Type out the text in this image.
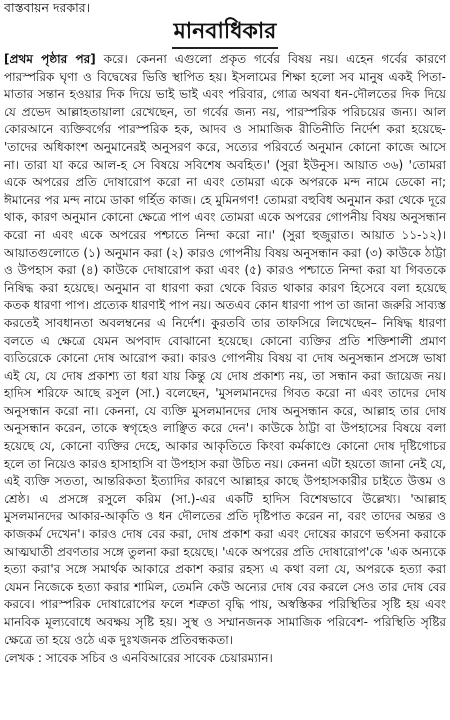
বাস্তবায়ন দরকার।
মানবাধিকার

[প্রথম পৃষ্ঠার পর] করে। কেননা এগুলো প্রকৃত গর্বের বিষয় নয়। এহেন গর্বের কারণে পারস্পরিক ঘৃণা ও বিদ্বেষের ভিত্তি স্থাপিত হয়। ইসলামের শিক্ষা হলো সব মানুষ একই পিতা-মাতার সন্তান হওয়ার দিক দিয়ে ভাই ভাই এবং পরিবার, গোত্র অথবা ধন-দৌলতের দিক দিয়ে যে প্রভেদ আল্লাহতায়ালা রেখেছেন, তা গর্বের জন্য নয়, পারস্পরিক পরিচয়ের জন্য। আল কোরআনে ব্যক্তিবর্গের পারস্পরিক হক, আদব ও সামাজিক রীতিনীতি নির্দেশ করা হয়েছে- 'তাদের অধিকাংশ অনুমানেরই অনুসরণ করে, সত্যের পরিবর্তে অনুমান কোনো কাজে আসে না। তারা যা করে আল-হ সে বিষয়ে সবিশেষ অবহিত।' (সুরা ইউনুস। আয়াত ৩৬) 'তোমরা একে অপরের প্রতি দোষারোপ করো না এবং তোমরা একে অপরকে মন্দ নামে ডেকো না; ঈমানের পর মন্দ নামে ডাকা গর্হিত কাজ। হে মুমিনগণ! তোমরা বহুবিধ অনুমান করা থেকে দূরে থাক, কারণ অনুমান কোনো ক্ষেত্রে পাপ এবং তোমরা একে অপরের গোপনীয় বিষয় অনুসন্ধান করো না এবং একে অপরের পশ্চাতে নিন্দা করো না।' (সুরা হুজুরাত। আয়াত ১১-১২)। আয়াতগুলোতে (১) অনুমান করা (২) কারও গোপনীয় বিষয় অনুসন্ধান করা (৩) কাউকে ঠাট্টা ও উপহাস করা (৪) কাউকে দোষারোপ করা এবং (৫) কারও পশ্চাতে নিন্দা করা যা গিবতকে নিষিদ্ধ করা হয়েছে। অনুমান বা ধারণা করা থেকে বিরত থাকার কারণ হিসেবে বলা হয়েছে কতক ধারণা পাপ। প্রত্যেক ধারণাই পাপ নয়। অতএব কোন ধারণা পাপ তা জানা জরুরি সাব্যস্ত করতেই সাবধানতা অবলম্বনের এ নির্দেশ। কুরতবি তার তাফসিরে লিখেছেন– নিষিদ্ধ ধারণা বলতে এ ক্ষেত্রে যেমন অপবাদ বোঝানো হয়েছে। কোনো ব্যক্তির প্রতি শক্তিশালী প্রমাণ ব্যতিরেকে কোনো দোষ আরোপ করা। কারও গোপনীয় বিষয় বা দোষ অনুসন্ধান প্রসঙ্গে ভাষা এই যে, যে দোষ প্রকাশ্য তা ধরা যায় কিন্তু যে দোষ প্রকাশ্য নয়, তা সন্ধান করা জায়েজ নয়। হাদিস শরিফে আছে রসুল (সা.) বলেছেন, 'মুসলমানদের গিবত করো না এবং তাদের দোষ অনুসন্ধান করো না। কেননা, যে ব্যক্তি মুসলমানদের দোষ অনুসন্ধান করে, আল্লাহ তার দোষ অনুসন্ধান করেন, তাকে স্বগৃহেও লাঞ্ছিত করে দেন'। কাউকে ঠাট্টা বা উপহাসের বিষয়ে বলা হয়েছে যে, কোনো ব্যক্তির দেহে, আকার আকৃতিতে কিংবা কর্মকাণ্ডে কোনো দোষ দৃষ্টিগোচর হলে তা নিয়েও কারও হাসাহাসি বা উপহাস করা উচিত নয়। কেননা এটা হয়তো জানা নেই যে, এই ব্যক্তি সততা, আন্তরিকতা ইত্যাদির কারণে আল্লাহর কাছে উপহাসকারীর চাইতে উত্তম ও শ্রেষ্ঠ। এ প্রসঙ্গে রসুলে করিম (সা.)-এর একটি হাদিস বিশেষভাবে উল্লেখ্য। 'আল্লাহ মুসলমানদের আকার-আকৃতি ও ধন দৌলতের প্রতি দৃষ্টিপাত করেন না, বরং তাদের অন্তর ও কাজকর্ম দেখেন'। কারও দোষ বের করা, দোষ প্রকাশ করা এবং দোষের কারণে ভর্ৎসনা করাকে আত্মঘাতী প্রবণতার সঙ্গে তুলনা করা হয়েছে। 'একে অপরের প্রতি দোষারোপ'কে 'এক অন্যকে হত্যা করা'র সঙ্গে সমার্থক আকারে প্রকাশ করার রহস্য এ কথা বলা যে, অপরকে হত্যা করা যেমন নিজেকে হত্যা করার শামিল, তেমনি কেউ অন্যের দোষ বের করলে সেও তার দোষ বের করবে। পারস্পরিক দোষারোপের ফলে শত্রুতা বৃদ্ধি পায়, অস্বস্তিকর পরিস্থিতির সৃষ্টি হয় এবং মানবিক মূল্যবোধে অবক্ষয় সৃষ্টি হয়। সুস্থ ও সম্মানজনক সামাজিক পরিবেশ- পরিস্থিতি সৃষ্টির ক্ষেত্রে তা হয়ে ওঠে এক দুঃখজনক প্রতিবন্ধকতা।

লেখক : সাবেক সচিব ও এনবিআরের সাবেক চেয়ারম্যান।
